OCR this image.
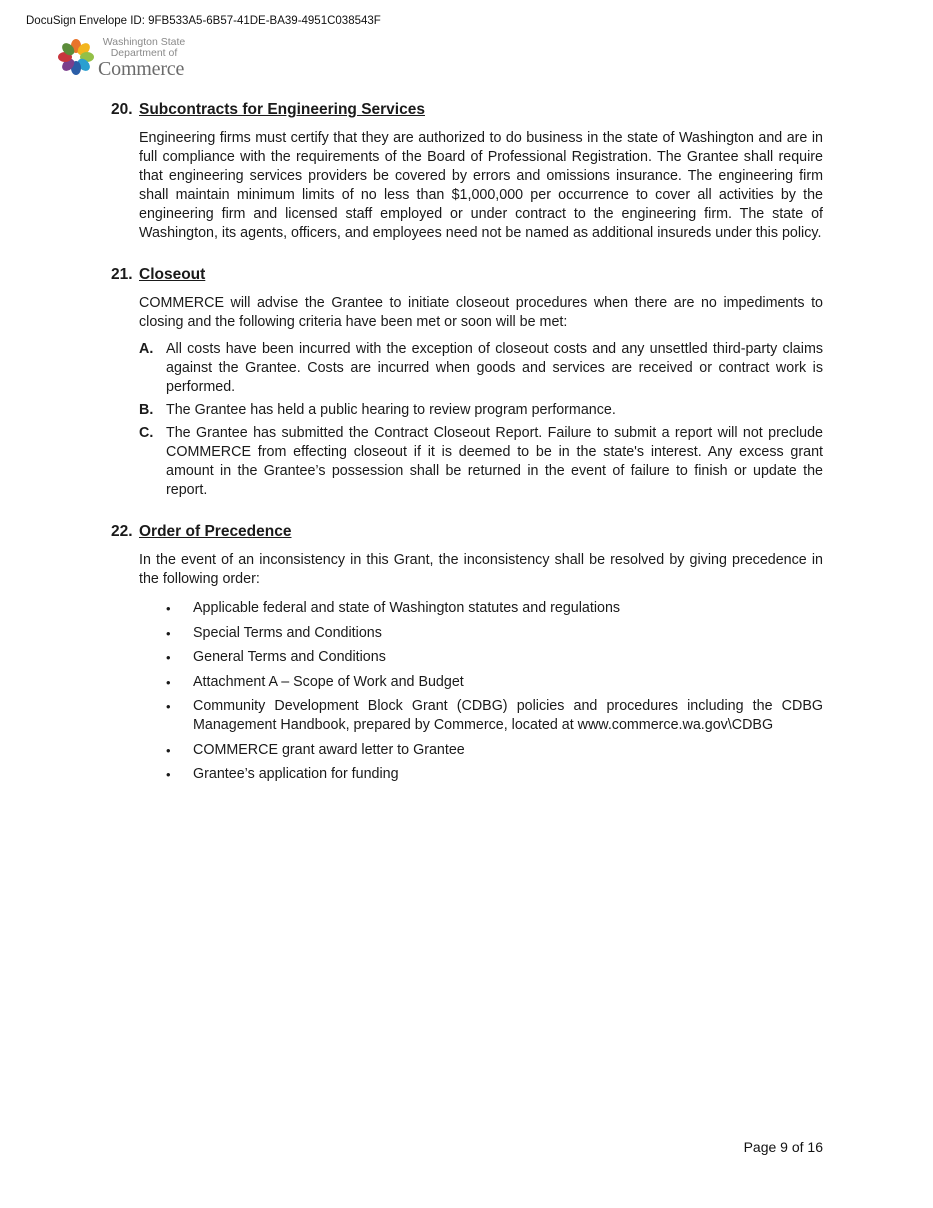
DocuSign Envelope ID: 9FB533A5-6B57-41DE-BA39-4951C038543F
Washington State
Department of
Commerce
20. Subcontracts for Engineering Services
Engineering firms must certify that they are authorized to do business in the state of Washington and are in full compliance with the requirements of the Board of Professional Registration. The Grantee shall require that engineering services providers be covered by errors and omissions insurance. The engineering firm shall maintain minimum limits of no less than $1,000,000 per occurrence to cover all activities by the engineering firm and licensed staff employed or under contract to the engineering firm. The state of Washington, its agents, officers, and employees need not be named as additional insureds under this policy.
21. Closeout
COMMERCE will advise the Grantee to initiate closeout procedures when there are no impediments to closing and the following criteria have been met or soon will be met:
A. All costs have been incurred with the exception of closeout costs and any unsettled third-party claims against the Grantee. Costs are incurred when goods and services are received or contract work is performed.
B. The Grantee has held a public hearing to review program performance.
C. The Grantee has submitted the Contract Closeout Report. Failure to submit a report will not preclude COMMERCE from effecting closeout if it is deemed to be in the state's interest. Any excess grant amount in the Grantee’s possession shall be returned in the event of failure to finish or update the report.
22. Order of Precedence
In the event of an inconsistency in this Grant, the inconsistency shall be resolved by giving precedence in the following order:
•	Applicable federal and state of Washington statutes and regulations
•	Special Terms and Conditions
•	General Terms and Conditions
•	Attachment A – Scope of Work and Budget
•	Community Development Block Grant (CDBG) policies and procedures including the CDBG Management Handbook, prepared by Commerce, located at www.commerce.wa.gov\CDBG
•	COMMERCE grant award letter to Grantee
•	Grantee’s application for funding
Page 9 of 16
